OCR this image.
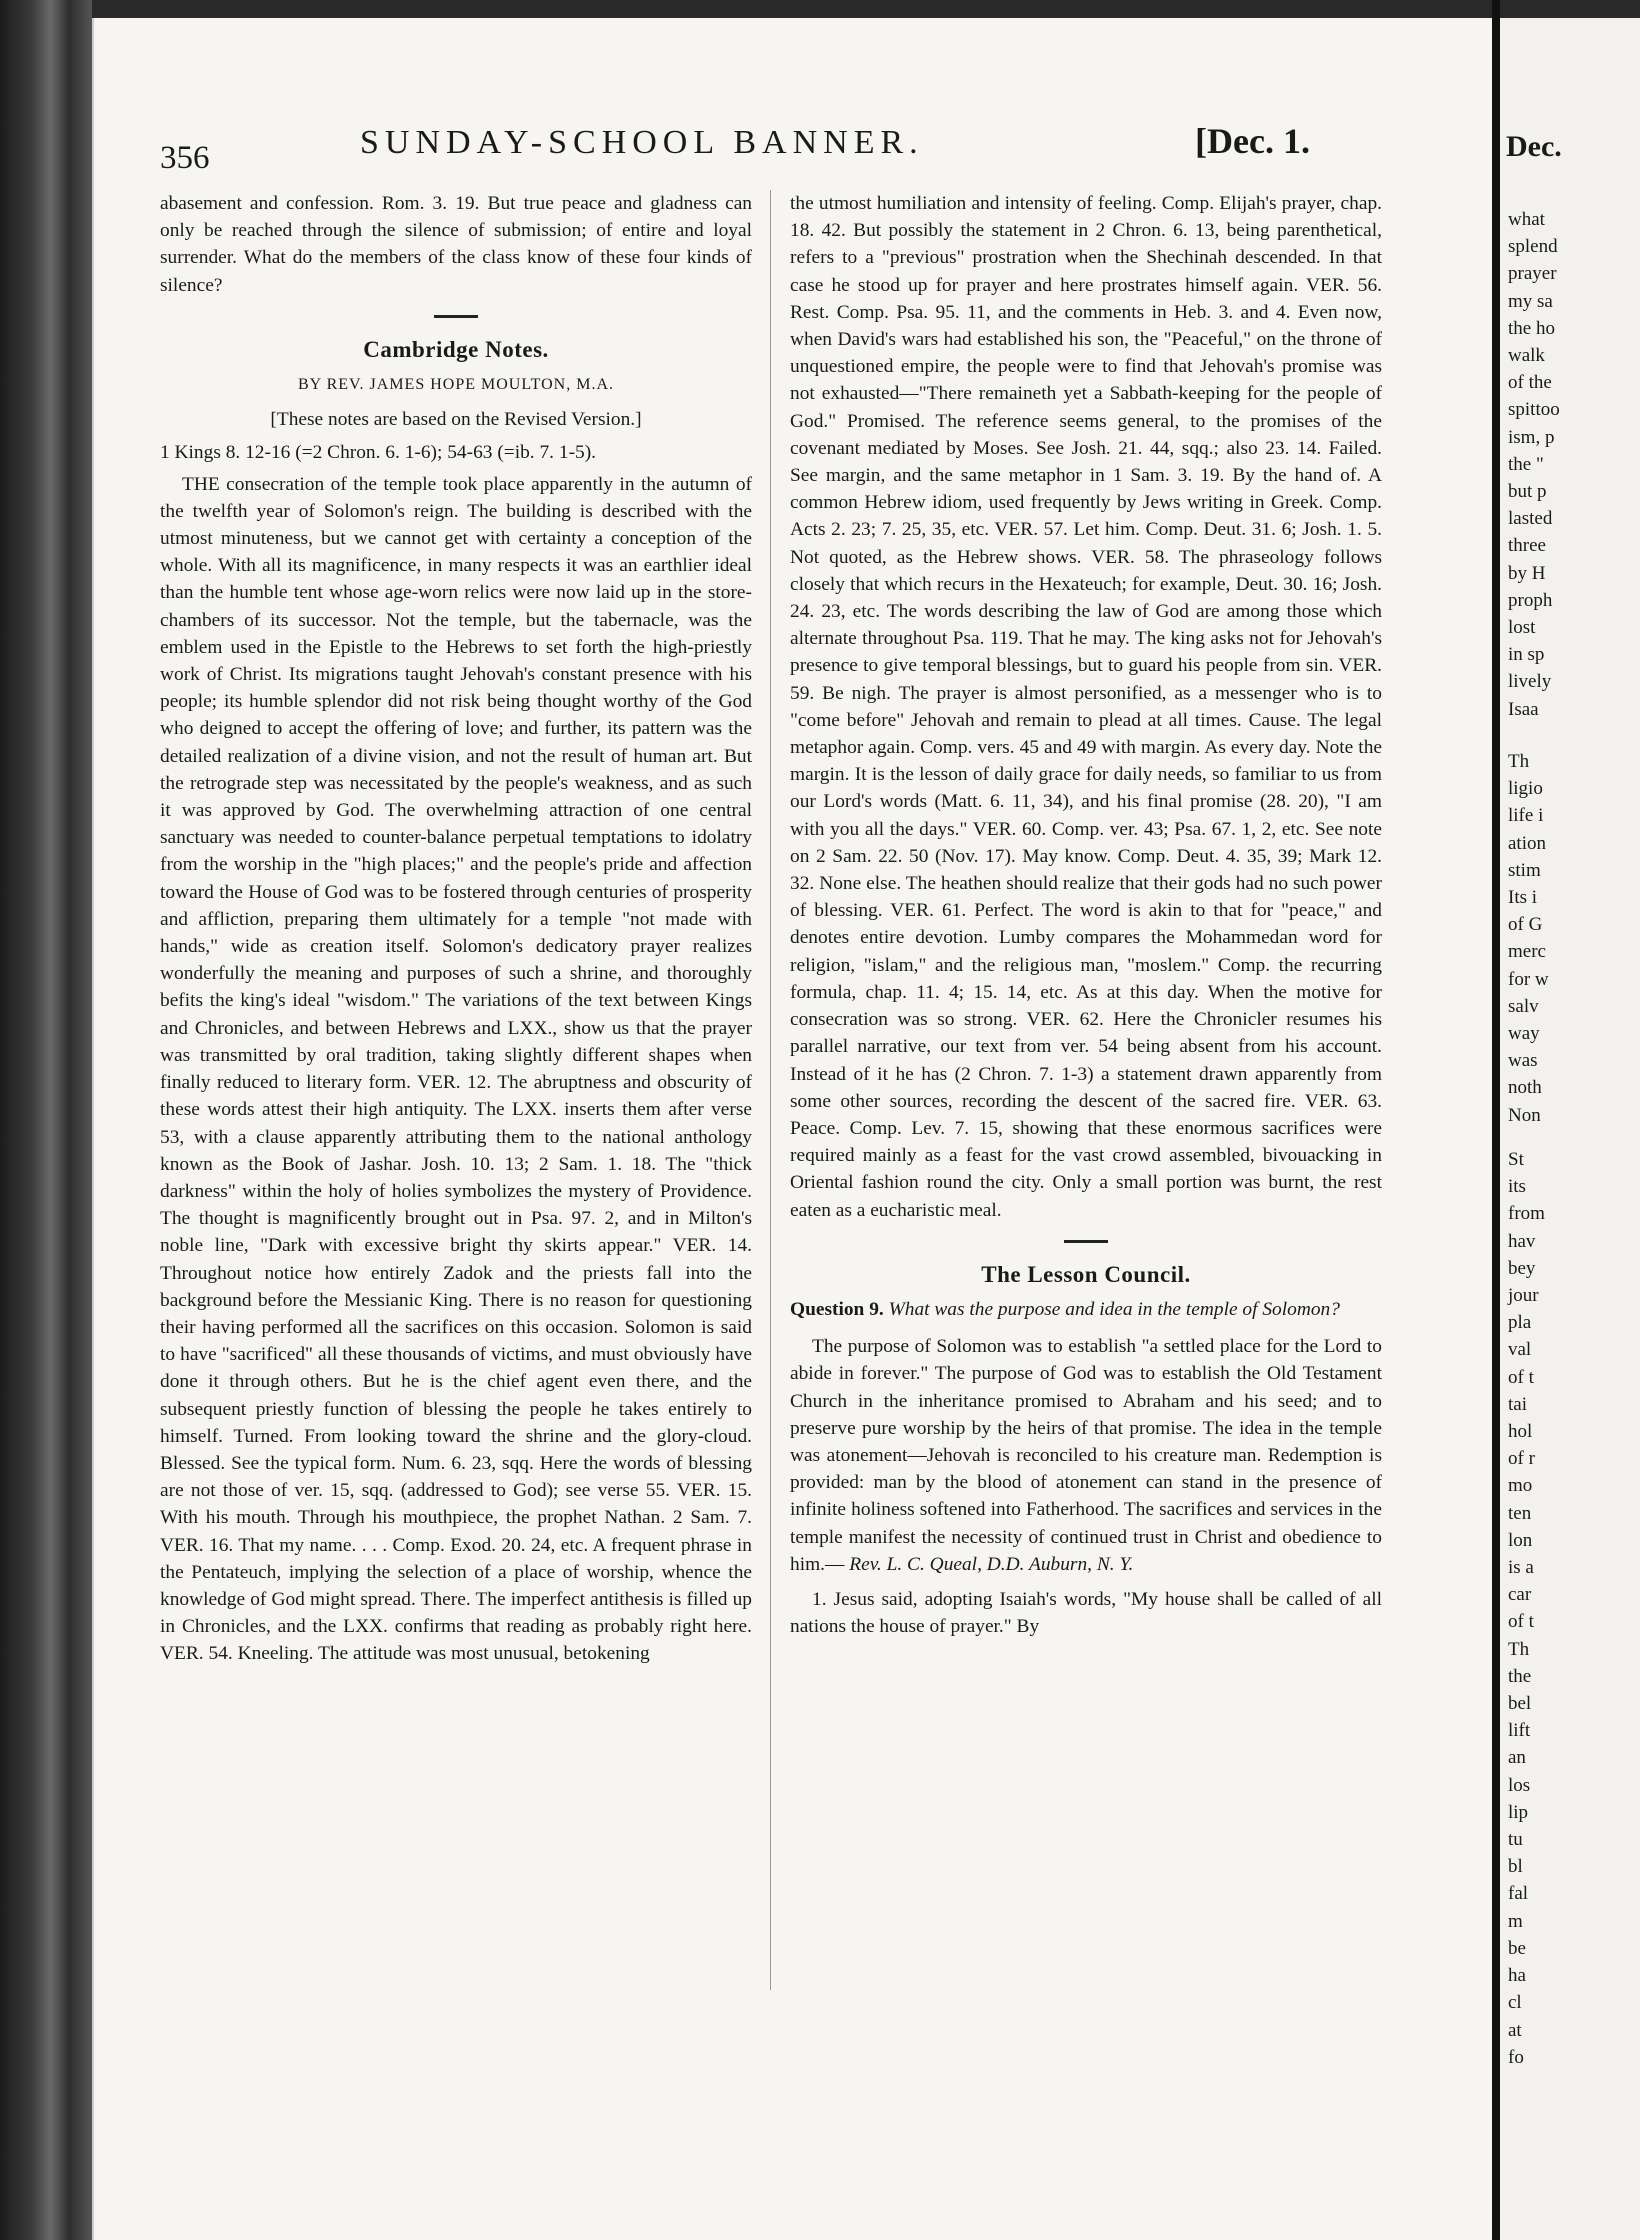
356	SUNDAY-SCHOOL BANNER.	[Dec. 1.

abasement and confession. Rom. 3. 19. But true peace and gladness can only be reached through the silence of submission; of entire and loyal surrender. What do the members of the class know of these four kinds of silence?

Cambridge Notes.
BY REV. JAMES HOPE MOULTON, M.A.
[These notes are based on the Revised Version.]

1 Kings 8. 12-16 (=2 Chron. 6. 1-6); 54-63 (=ib. 7. 1-5).

THE consecration of the temple took place apparently in the autumn of the twelfth year of Solomon's reign. The building is described with the utmost minuteness, but we cannot get with certainty a conception of the whole. With all its magnificence, in many respects it was an earthlier ideal than the humble tent whose age-worn relics were now laid up in the store-chambers of its successor. Not the temple, but the tabernacle, was the emblem used in the Epistle to the Hebrews to set forth the high-priestly work of Christ. Its migrations taught Jehovah's constant presence with his people; its humble splendor did not risk being thought worthy of the God who deigned to accept the offering of love; and further, its pattern was the detailed realization of a divine vision, and not the result of human art. But the retrograde step was necessitated by the people's weakness, and as such it was approved by God. The overwhelming attraction of one central sanctuary was needed to counter-balance perpetual temptations to idolatry from the worship in the "high places;" and the people's pride and affection toward the House of God was to be fostered through centuries of prosperity and affliction, preparing them ultimately for a temple "not made with hands," wide as creation itself. Solomon's dedicatory prayer realizes wonderfully the meaning and purposes of such a shrine, and thoroughly befits the king's ideal "wisdom." The variations of the text between Kings and Chronicles, and between Hebrews and LXX., show us that the prayer was transmitted by oral tradition, taking slightly different shapes when finally reduced to literary form. VER. 12. The abruptness and obscurity of these words attest their high antiquity. The LXX. inserts them after verse 53, with a clause apparently attributing them to the national anthology known as the Book of Jashar. Josh. 10. 13; 2 Sam. 1. 18. The "thick darkness" within the holy of holies symbolizes the mystery of Providence. The thought is magnificently brought out in Psa. 97. 2, and in Milton's noble line, "Dark with excessive bright thy skirts appear." VER. 14. Throughout notice how entirely Zadok and the priests fall into the background before the Messianic King. There is no reason for questioning their having performed all the sacrifices on this occasion. Solomon is said to have "sacrificed" all these thousands of victims, and must obviously have done it through others. But he is the chief agent even there, and the subsequent priestly function of blessing the people he takes entirely to himself. Turned. From looking toward the shrine and the glory-cloud. Blessed. See the typical form. Num. 6. 23, sqq. Here the words of blessing are not those of ver. 15, sqq. (addressed to God); see verse 55. VER. 15. With his mouth. Through his mouthpiece, the prophet Nathan. 2 Sam. 7. VER. 16. That my name. . . . Comp. Exod. 20. 24, etc. A frequent phrase in the Pentateuch, implying the selection of a place of worship, whence the knowledge of God might spread. There. The imperfect antithesis is filled up in Chronicles, and the LXX. confirms that reading as probably right here. VER. 54. Kneeling. The attitude was most unusual, betokening

the utmost humiliation and intensity of feeling. Comp. Elijah's prayer, chap. 18. 42. But possibly the statement in 2 Chron. 6. 13, being parenthetical, refers to a "previous" prostration when the Shechinah descended. In that case he stood up for prayer and here prostrates himself again. VER. 56. Rest. Comp. Psa. 95. 11, and the comments in Heb. 3. and 4. Even now, when David's wars had established his son, the "Peaceful," on the throne of unquestioned empire, the people were to find that Jehovah's promise was not exhausted—"There remaineth yet a Sabbath-keeping for the people of God." Promised. The reference seems general, to the promises of the covenant mediated by Moses. See Josh. 21. 44, sqq.; also 23. 14. Failed. See margin, and the same metaphor in 1 Sam. 3. 19. By the hand of. A common Hebrew idiom, used frequently by Jews writing in Greek. Comp. Acts 2. 23; 7. 25, 35, etc. VER. 57. Let him. Comp. Deut. 31. 6; Josh. 1. 5. Not quoted, as the Hebrew shows. VER. 58. The phraseology follows closely that which recurs in the Hexateuch; for example, Deut. 30. 16; Josh. 24. 23, etc. The words describing the law of God are among those which alternate throughout Psa. 119. That he may. The king asks not for Jehovah's presence to give temporal blessings, but to guard his people from sin. VER. 59. Be nigh. The prayer is almost personified, as a messenger who is to "come before" Jehovah and remain to plead at all times. Cause. The legal metaphor again. Comp. vers. 45 and 49 with margin. As every day. Note the margin. It is the lesson of daily grace for daily needs, so familiar to us from our Lord's words (Matt. 6. 11, 34), and his final promise (28. 20), "I am with you all the days." VER. 60. Comp. ver. 43; Psa. 67. 1, 2, etc. See note on 2 Sam. 22. 50 (Nov. 17). May know. Comp. Deut. 4. 35, 39; Mark 12. 32. None else. The heathen should realize that their gods had no such power of blessing. VER. 61. Perfect. The word is akin to that for "peace," and denotes entire devotion. Lumby compares the Mohammedan word for religion, "islam," and the religious man, "moslem." Comp. the recurring formula, chap. 11. 4; 15. 14, etc. As at this day. When the motive for consecration was so strong. VER. 62. Here the Chronicler resumes his parallel narrative, our text from ver. 54 being absent from his account. Instead of it he has (2 Chron. 7. 1-3) a statement drawn apparently from some other sources, recording the descent of the sacred fire. VER. 63. Peace. Comp. Lev. 7. 15, showing that these enormous sacrifices were required mainly as a feast for the vast crowd assembled, bivouacking in Oriental fashion round the city. Only a small portion was burnt, the rest eaten as a eucharistic meal.

The Lesson Council.

Question 9. What was the purpose and idea in the temple of Solomon?

The purpose of Solomon was to establish "a settled place for the Lord to abide in forever." The purpose of God was to establish the Old Testament Church in the inheritance promised to Abraham and his seed; and to preserve pure worship by the heirs of that promise. The idea in the temple was atonement—Jehovah is reconciled to his creature man. Redemption is provided: man by the blood of atonement can stand in the presence of infinite holiness softened into Fatherhood. The sacrifices and services in the temple manifest the necessity of continued trust in Christ and obedience to him.— Rev. L. C. Queal, D.D. Auburn, N. Y.

1. Jesus said, adopting Isaiah's words, "My house shall be called of all nations the house of prayer." By

Dec.
what
splend
prayer
my sa
the ho
walk
of the
spittoo
ism, p
the "
but p
lasted
three
by H
proph
lost
in sp
lively
Isaa
Th
ligio
life i
ation
stim
Its i
of G
merc
for w
salv
way
was
noth
Non
St
its
from
hav
bey
jour
pla
val
of t
tai
hol
of r
mo
ten
lon
is a
car
of t
Th
the
bel
lift
an
los
lip
tu
bl
fal
m
be
ha
cl
at
fo
